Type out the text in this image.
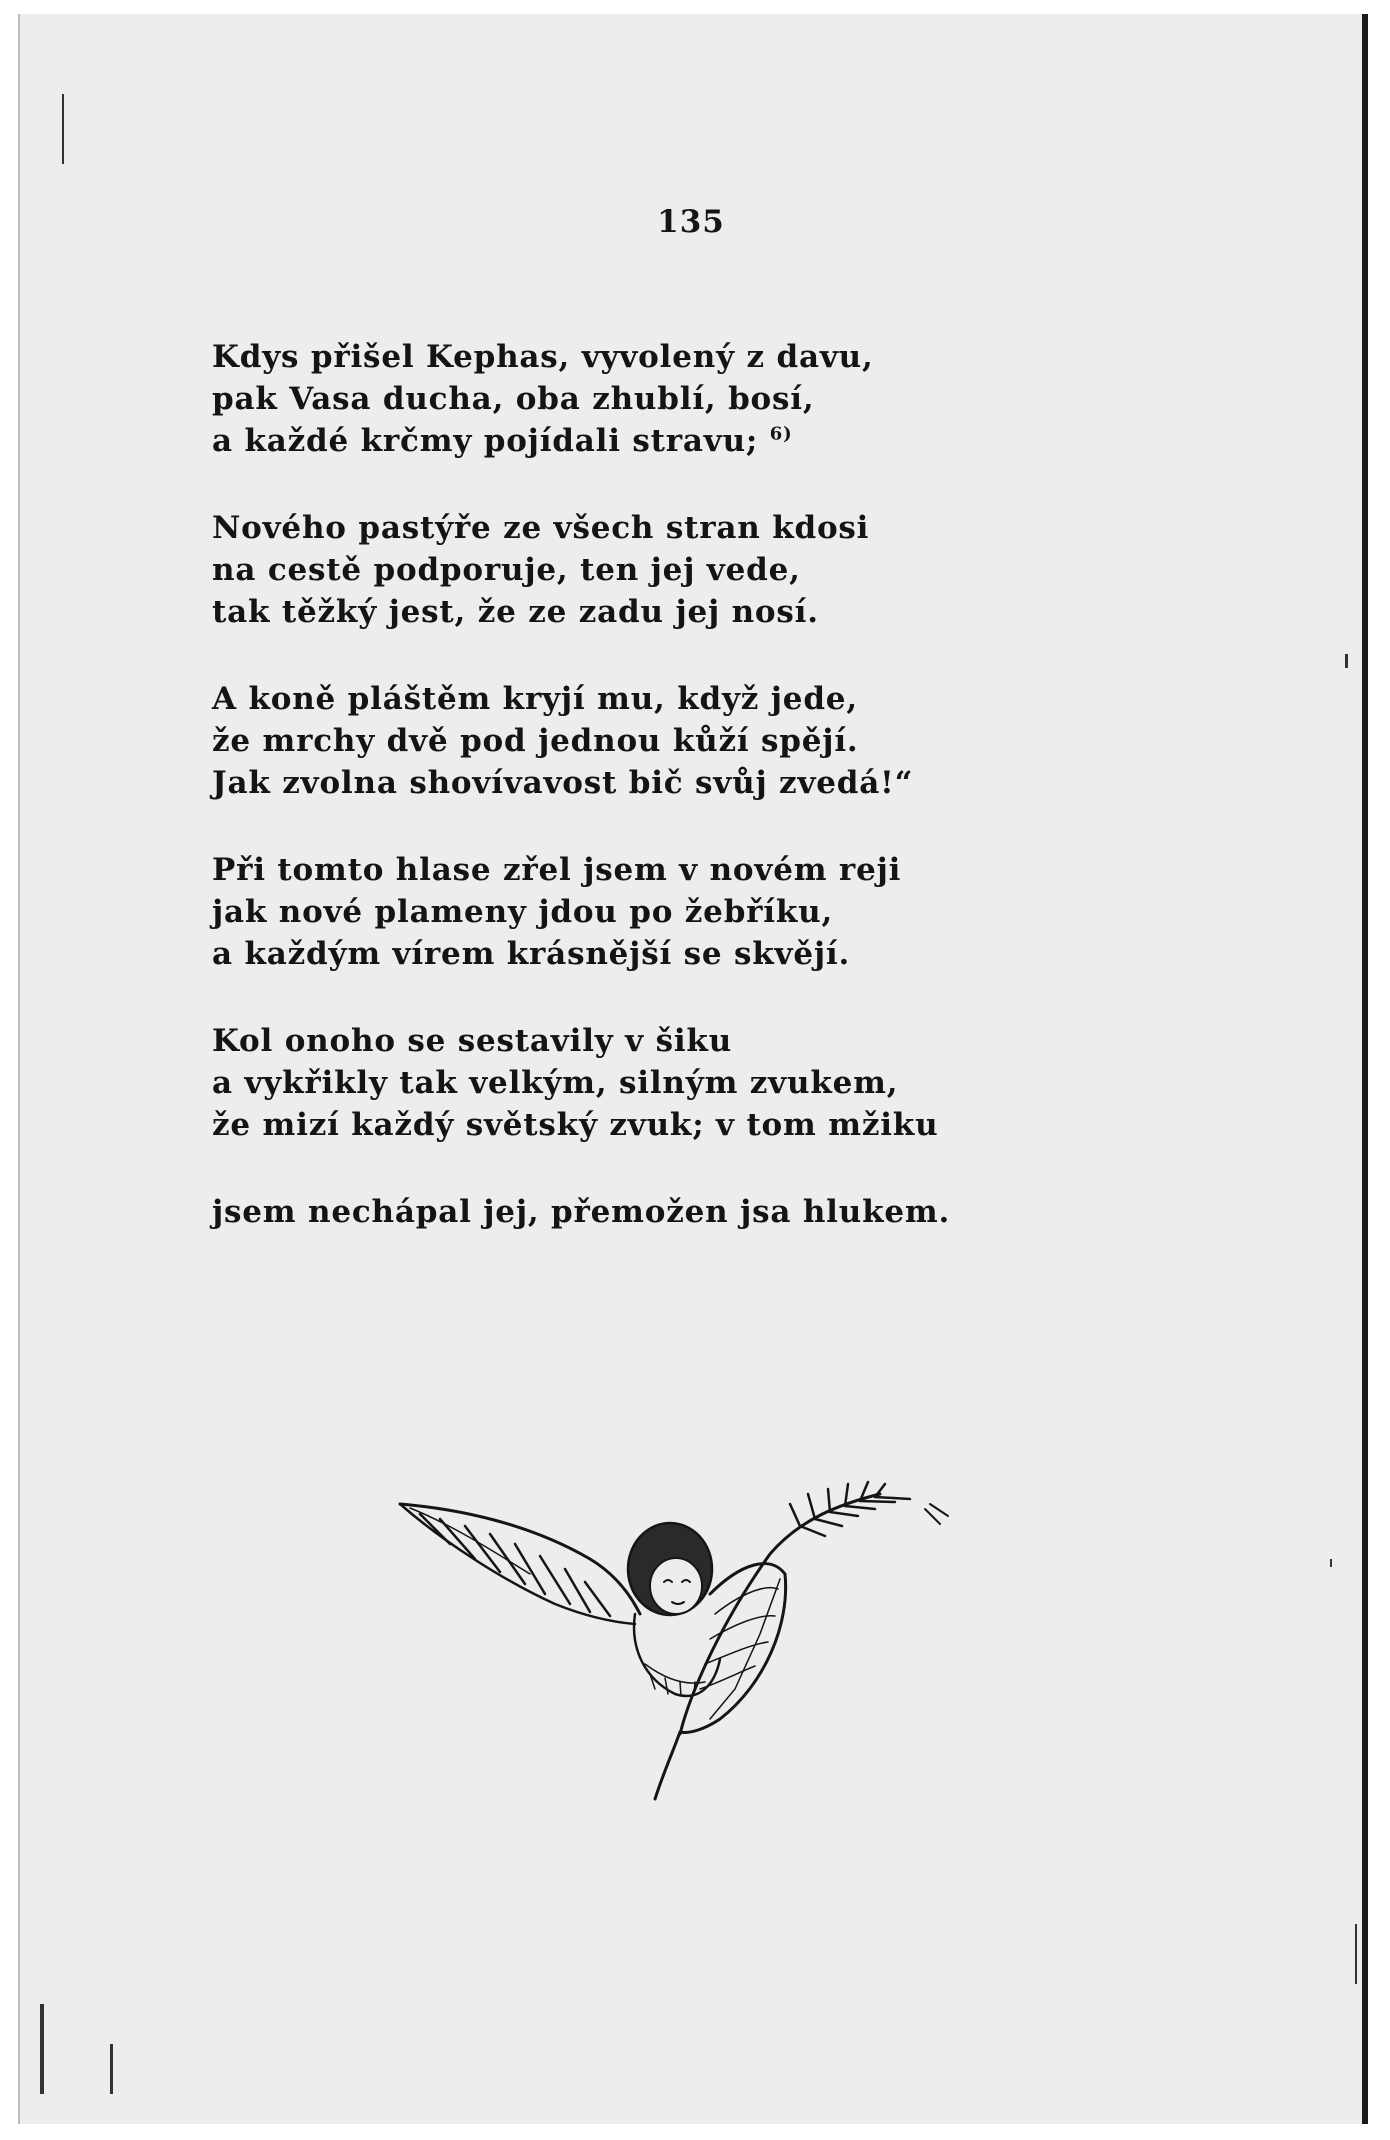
135
Kdys přišel Kephas, vyvolený z davu,
pak Vasa ducha, oba zhublí, bosí,
a každé krčmy pojídali stravu; $^{6)}$
Nového pastýře ze všech stran kdosi
na cestě podporuje, ten jej vede,
tak těžký jest, že ze zadu jej nosí.
A koně pláštěm kryjí mu, když jede,
že mrchy dvě pod jednou kůží spějí.
Jak zvolna shovívavost bič svůj zvedá!“
Při tomto hlase zřel jsem v novém reji
jak nové plameny jdou po žebříku,
a každým vírem krásnější se skvějí.
Kol onoho se sestavily v šiku
a vykřikly tak velkým, silným zvukem,
že mizí každý světský zvuk; v tom mžiku
jsem nechápal jej, přemožen jsa hlukem.
